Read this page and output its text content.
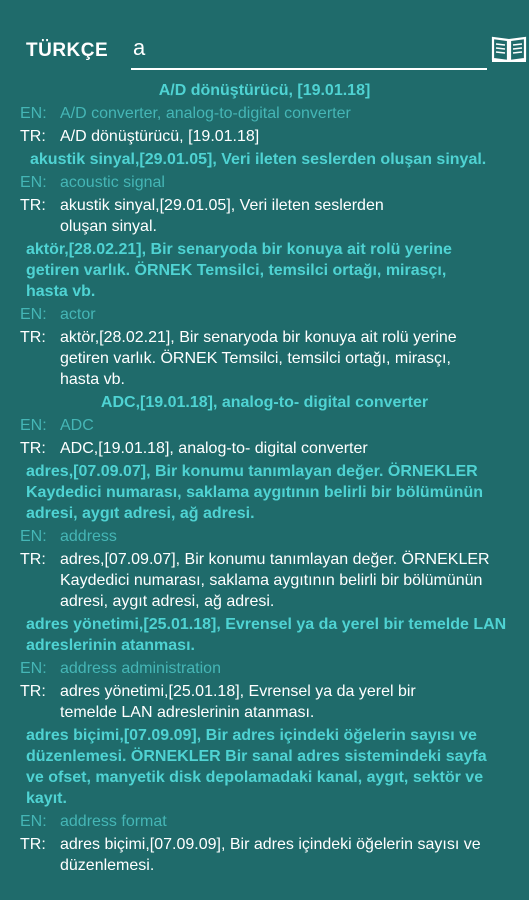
TÜRKÇE
a
A/D dönüştürücü, [19.01.18]
EN: A/D converter, analog-to-digital converter
TR: A/D dönüştürücü, [19.01.18]
akustik sinyal,[29.01.05], Veri ileten seslerden oluşan sinyal.
EN: acoustic signal
TR: akustik sinyal,[29.01.05], Veri ileten seslerden oluşan sinyal.
aktör,[28.02.21], Bir senaryoda bir konuya ait rolü yerine getiren varlık. ÖRNEK Temsilci, temsilci ortağı, mirasçı, hasta vb.
EN: actor
TR: aktör,[28.02.21], Bir senaryoda bir konuya ait rolü yerine getiren varlık. ÖRNEK Temsilci, temsilci ortağı, mirasçı, hasta vb.
ADC,[19.01.18], analog-to- digital converter
EN: ADC
TR: ADC,[19.01.18], analog-to- digital converter
adres,[07.09.07], Bir konumu tanımlayan değer. ÖRNEKLER Kaydedici numarası, saklama aygıtının belirli bir bölümünün adresi, aygıt adresi, ağ adresi.
EN: address
TR: adres,[07.09.07], Bir konumu tanımlayan değer. ÖRNEKLER Kaydedici numarası, saklama aygıtının belirli bir bölümünün adresi, aygıt adresi, ağ adresi.
adres yönetimi,[25.01.18], Evrensel ya da yerel bir temelde LAN adreslerinin atanması.
EN: address administration
TR: adres yönetimi,[25.01.18], Evrensel ya da yerel bir temelde LAN adreslerinin atanması.
adres biçimi,[07.09.09], Bir adres içindeki öğelerin sayısı ve düzenlemesi. ÖRNEKLER Bir sanal adres sistemindeki sayfa ve ofset, manyetik disk depolamadaki kanal, aygıt, sektör ve kayıt.
EN: address format
TR: adres biçimi,[07.09.09], Bir adres içindeki öğelerin sayısı ve düzenlemesi.
